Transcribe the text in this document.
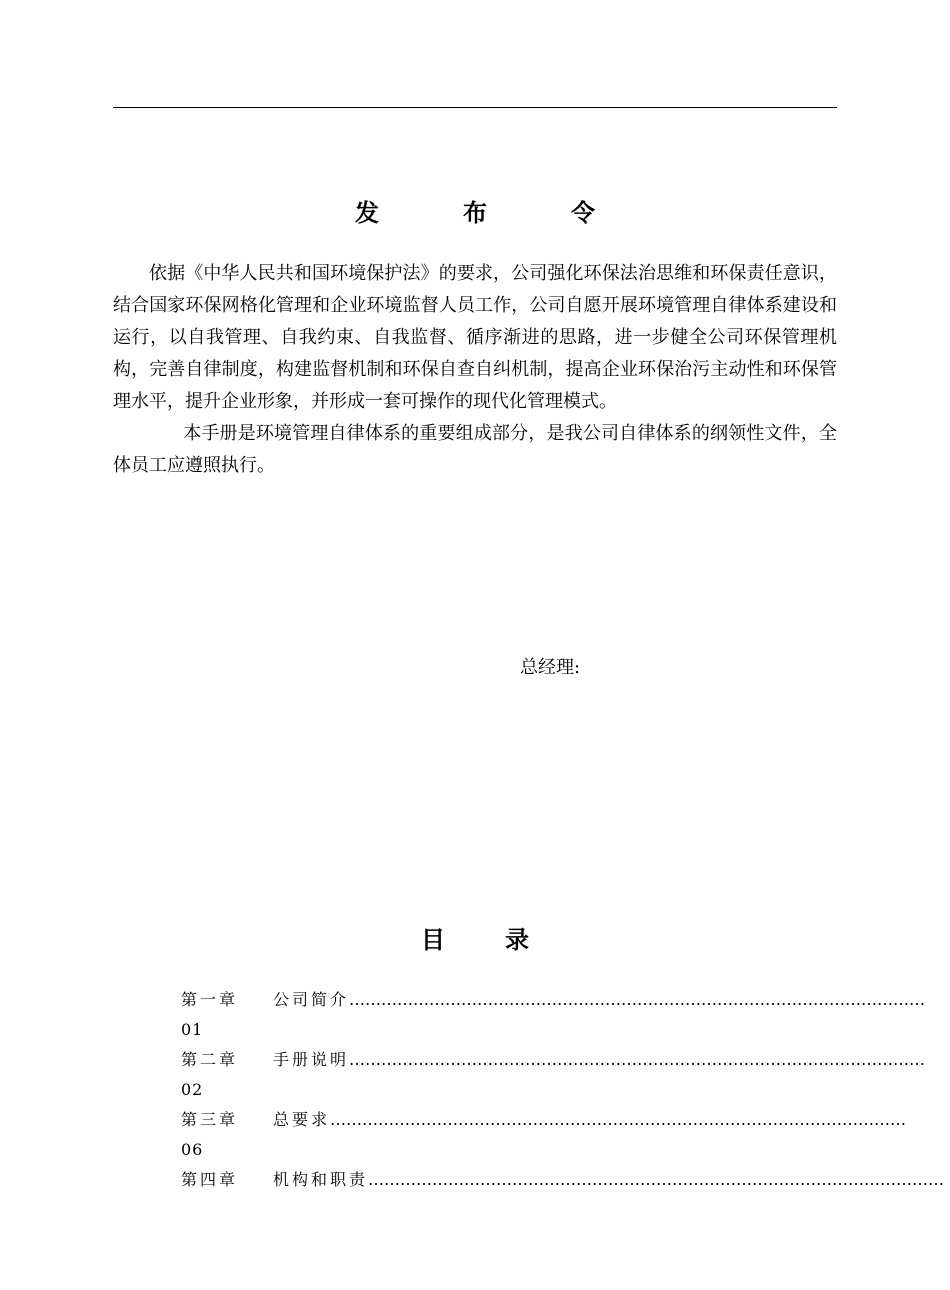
发	布	令

依据《中华人民共和国环境保护法》的要求，公司强化环保法治思维和环保责任意识，结合国家环保网格化管理和企业环境监督人员工作，公司自愿开展环境管理自律体系建设和运行，以自我管理、自我约束、自我监督、循序渐进的思路，进一步健全公司环保管理机构，完善自律制度，构建监督机制和环保自查自纠机制，提高企业环保治污主动性和环保管理水平，提升企业形象，并形成一套可操作的现代化管理模式。

本手册是环境管理自律体系的重要组成部分，是我公司自律体系的纲领性文件，全体员工应遵照执行。

总经理:
目	录
第一章 公司简介………………………………………………………………………………………………
01
第二章 手册说明………………………………………………………………………………………………
02
第三章 总要求………………………………………………………………………………………………
06
第四章 机构和职责………………………………………………………………………………………………
